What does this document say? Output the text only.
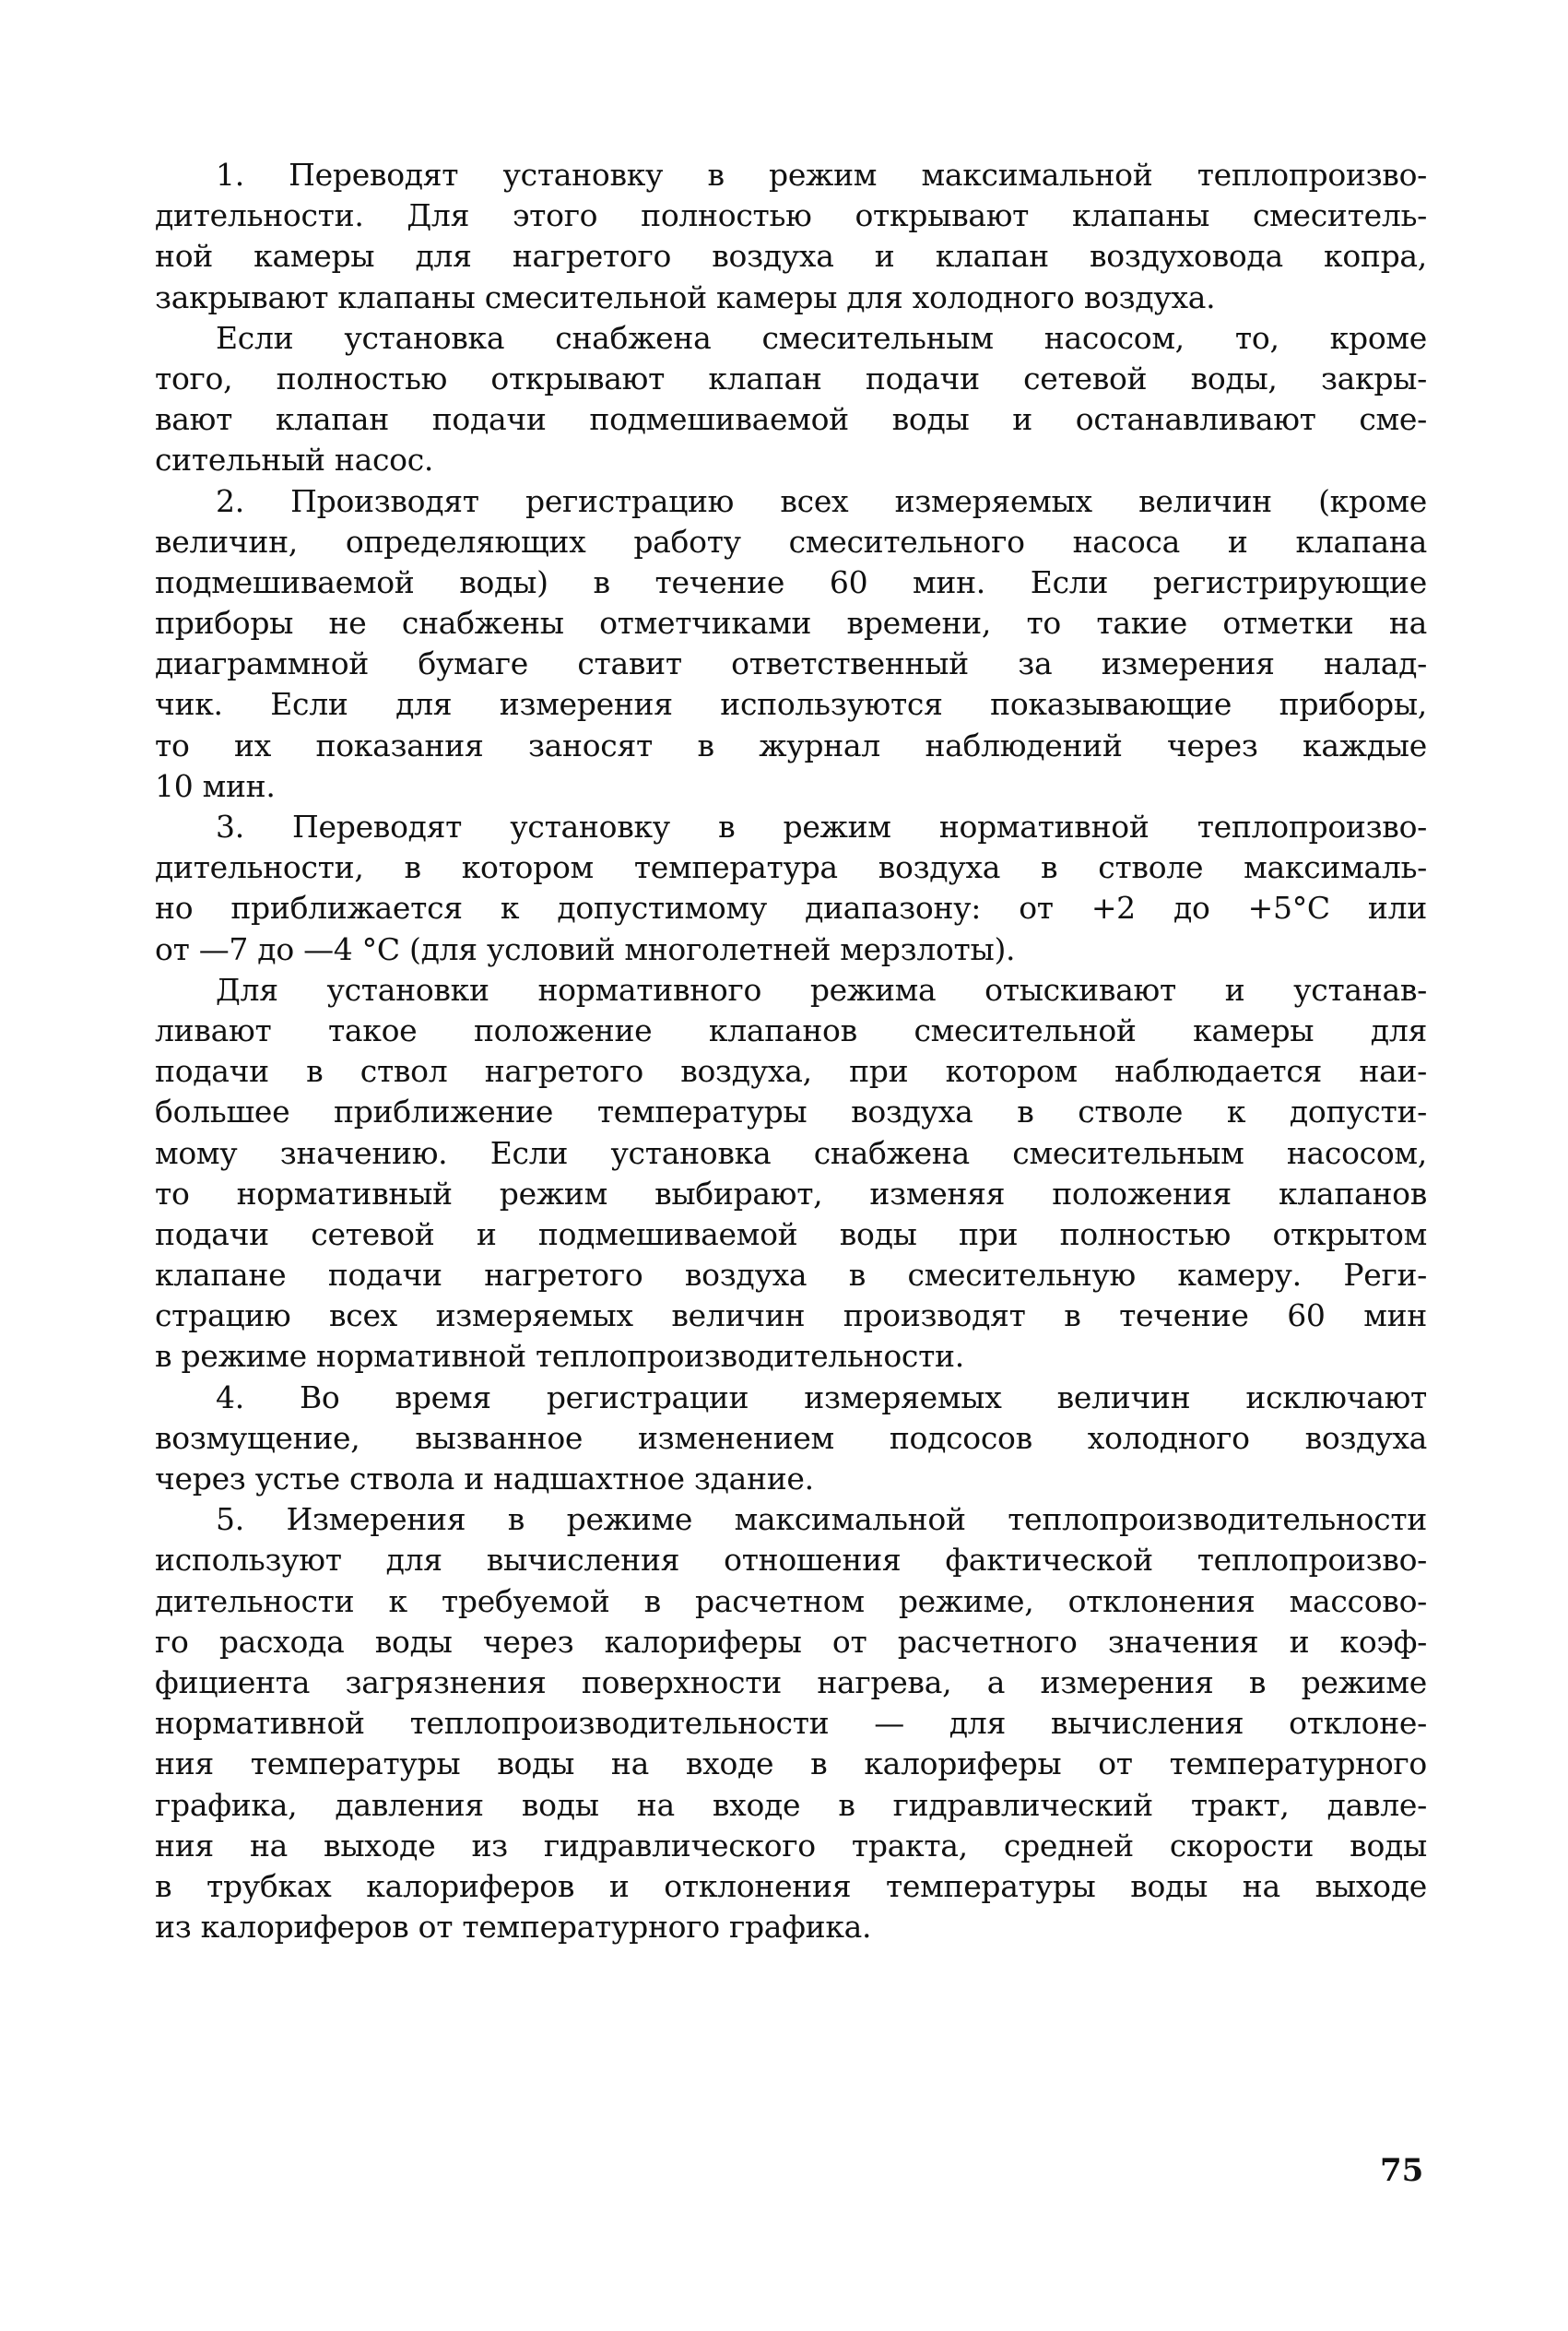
1. Переводят установку в режим максимальной теплопроизво-
дительности. Для этого полностью открывают клапаны смеситель-
ной камеры для нагретого воздуха и клапан воздуховода копра,
закрывают клапаны смесительной камеры для холодного воздуха.
Если установка снабжена смесительным насосом, то, кроме
того, полностью открывают клапан подачи сетевой воды, закры-
вают клапан подачи подмешиваемой воды и останавливают сме-
сительный насос.
2. Производят регистрацию всех измеряемых величин (кроме
величин, определяющих работу смесительного насоса и клапана
подмешиваемой воды) в течение 60 мин. Если регистрирующие
приборы не снабжены отметчиками времени, то такие отметки на
диаграммной бумаге ставит ответственный за измерения налад-
чик. Если для измерения используются показывающие приборы,
то их показания заносят в журнал наблюдений через каждые
10 мин.
3. Переводят установку в режим нормативной теплопроизво-
дительности, в котором температура воздуха в стволе максималь-
но приближается к допустимому диапазону: от +2 до +5°С или
от —7 до —4 °С (для условий многолетней мерзлоты).
Для установки нормативного режима отыскивают и устанав-
ливают такое положение клапанов смесительной камеры для
подачи в ствол нагретого воздуха, при котором наблюдается наи-
большее приближение температуры воздуха в стволе к допусти-
мому значению. Если установка снабжена смесительным насосом,
то нормативный режим выбирают, изменяя положения клапанов
подачи сетевой и подмешиваемой воды при полностью открытом
клапане подачи нагретого воздуха в смесительную камеру. Реги-
страцию всех измеряемых величин производят в течение 60 мин
в режиме нормативной теплопроизводительности.
4. Во время регистрации измеряемых величин исключают
возмущение, вызванное изменением подсосов холодного воздуха
через устье ствола и надшахтное здание.
5. Измерения в режиме максимальной теплопроизводительности
используют для вычисления отношения фактической теплопроизво-
дительности к требуемой в расчетном режиме, отклонения массово-
го расхода воды через калориферы от расчетного значения и коэф-
фициента загрязнения поверхности нагрева, а измерения в режиме
нормативной теплопроизводительности — для вычисления отклоне-
ния температуры воды на входе в калориферы от температурного
графика, давления воды на входе в гидравлический тракт, давле-
ния на выходе из гидравлического тракта, средней скорости воды
в трубках калориферов и отклонения температуры воды на выходе
из калориферов от температурного графика.
75
